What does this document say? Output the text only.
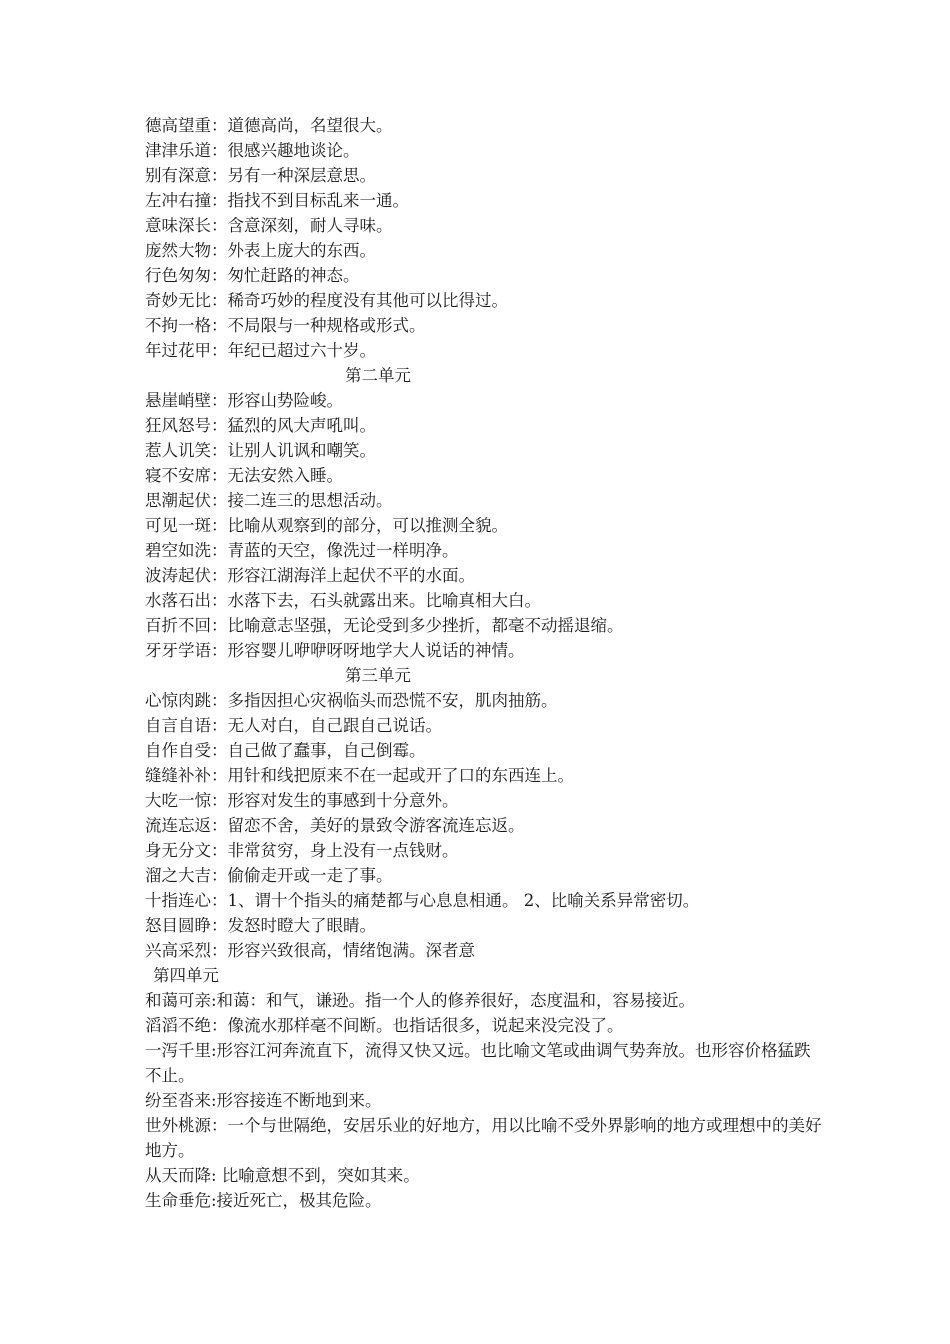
德高望重：道德高尚，名望很大。
津津乐道：很感兴趣地谈论。
别有深意：另有一种深层意思。
左冲右撞：指找不到目标乱来一通。
意味深长：含意深刻，耐人寻味。
庞然大物：外表上庞大的东西。
行色匆匆：匆忙赶路的神态。
奇妙无比：稀奇巧妙的程度没有其他可以比得过。
不拘一格：不局限与一种规格或形式。
年过花甲：年纪已超过六十岁。
第二单元
悬崖峭壁：形容山势险峻。
狂风怒号：猛烈的风大声吼叫。
惹人讥笑：让别人讥讽和嘲笑。
寝不安席：无法安然入睡。
思潮起伏：接二连三的思想活动。
可见一斑：比喻从观察到的部分，可以推测全貌。
碧空如洗：青蓝的天空，像洗过一样明净。
波涛起伏：形容江湖海洋上起伏不平的水面。
水落石出：水落下去，石头就露出来。比喻真相大白。
百折不回：比喻意志坚强，无论受到多少挫折，都毫不动摇退缩。
牙牙学语：形容婴儿咿咿呀呀地学大人说话的神情。
第三单元
心惊肉跳：多指因担心灾祸临头而恐慌不安，肌肉抽筋。
自言自语：无人对白，自己跟自己说话。
自作自受：自己做了蠢事，自己倒霉。
缝缝补补：用针和线把原来不在一起或开了口的东西连上。
大吃一惊：形容对发生的事感到十分意外。
流连忘返：留恋不舍，美好的景致令游客流连忘返。
身无分文：非常贫穷，身上没有一点钱财。
溜之大吉：偷偷走开或一走了事。
十指连心：1、谓十个指头的痛楚都与心息息相通。 2、比喻关系异常密切。
怒目圆睁：发怒时瞪大了眼睛。
兴高采烈：形容兴致很高，情绪饱满。深者意
第四单元
和蔼可亲:和蔼：和气，谦逊。指一个人的修养很好，态度温和，容易接近。
滔滔不绝：像流水那样毫不间断。也指话很多，说起来没完没了。
一泻千里:形容江河奔流直下，流得又快又远。也比喻文笔或曲调气势奔放。也形容价格猛跌不止。
纷至沓来:形容接连不断地到来。
世外桃源：一个与世隔绝，安居乐业的好地方，用以比喻不受外界影响的地方或理想中的美好地方。
从天而降: 比喻意想不到，突如其来。
生命垂危:接近死亡，极其危险。
